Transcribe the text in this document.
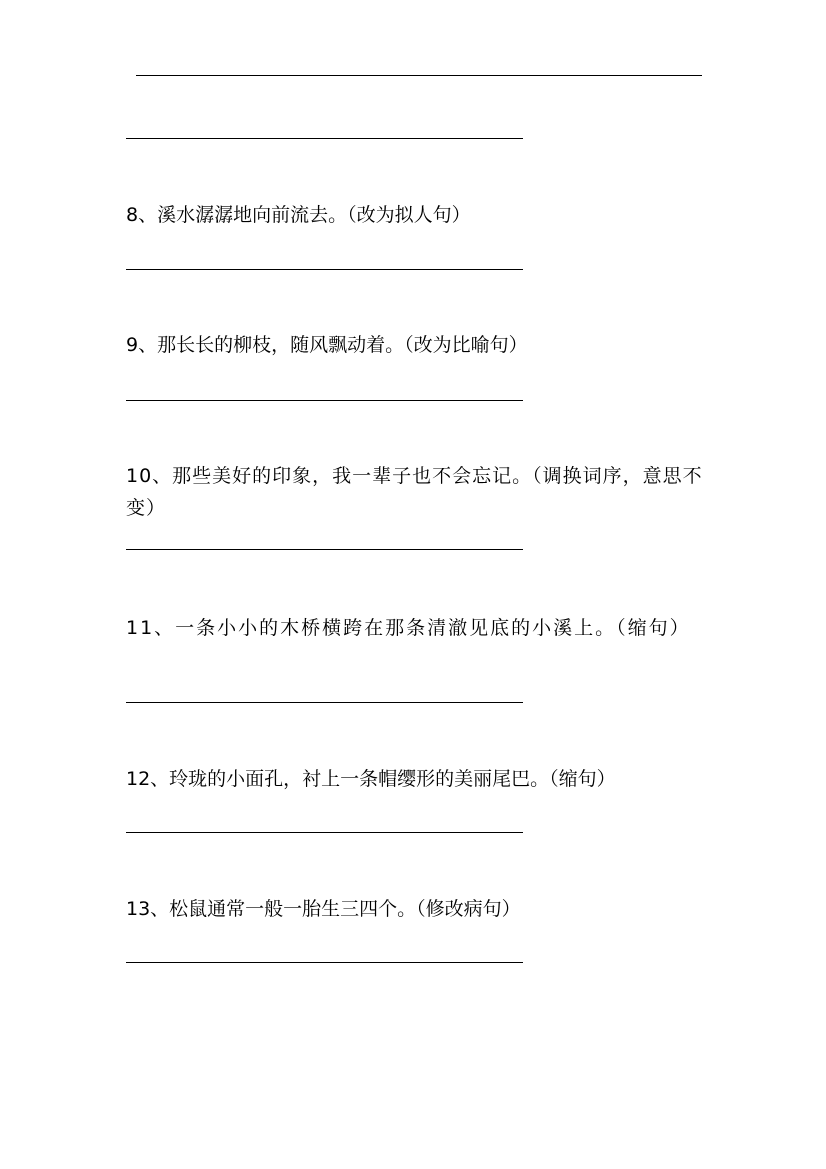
8、溪水潺潺地向前流去。（改为拟人句）

9、那长长的柳枝，随风飘动着。（改为比喻句）

10、那些美好的印象，我一辈子也不会忘记。（调换词序，意思不变）

11、一条小小的木桥横跨在那条清澈见底的小溪上。（缩句）

12、玲珑的小面孔，衬上一条帽缨形的美丽尾巴。（缩句）

13、松鼠通常一般一胎生三四个。（修改病句）
